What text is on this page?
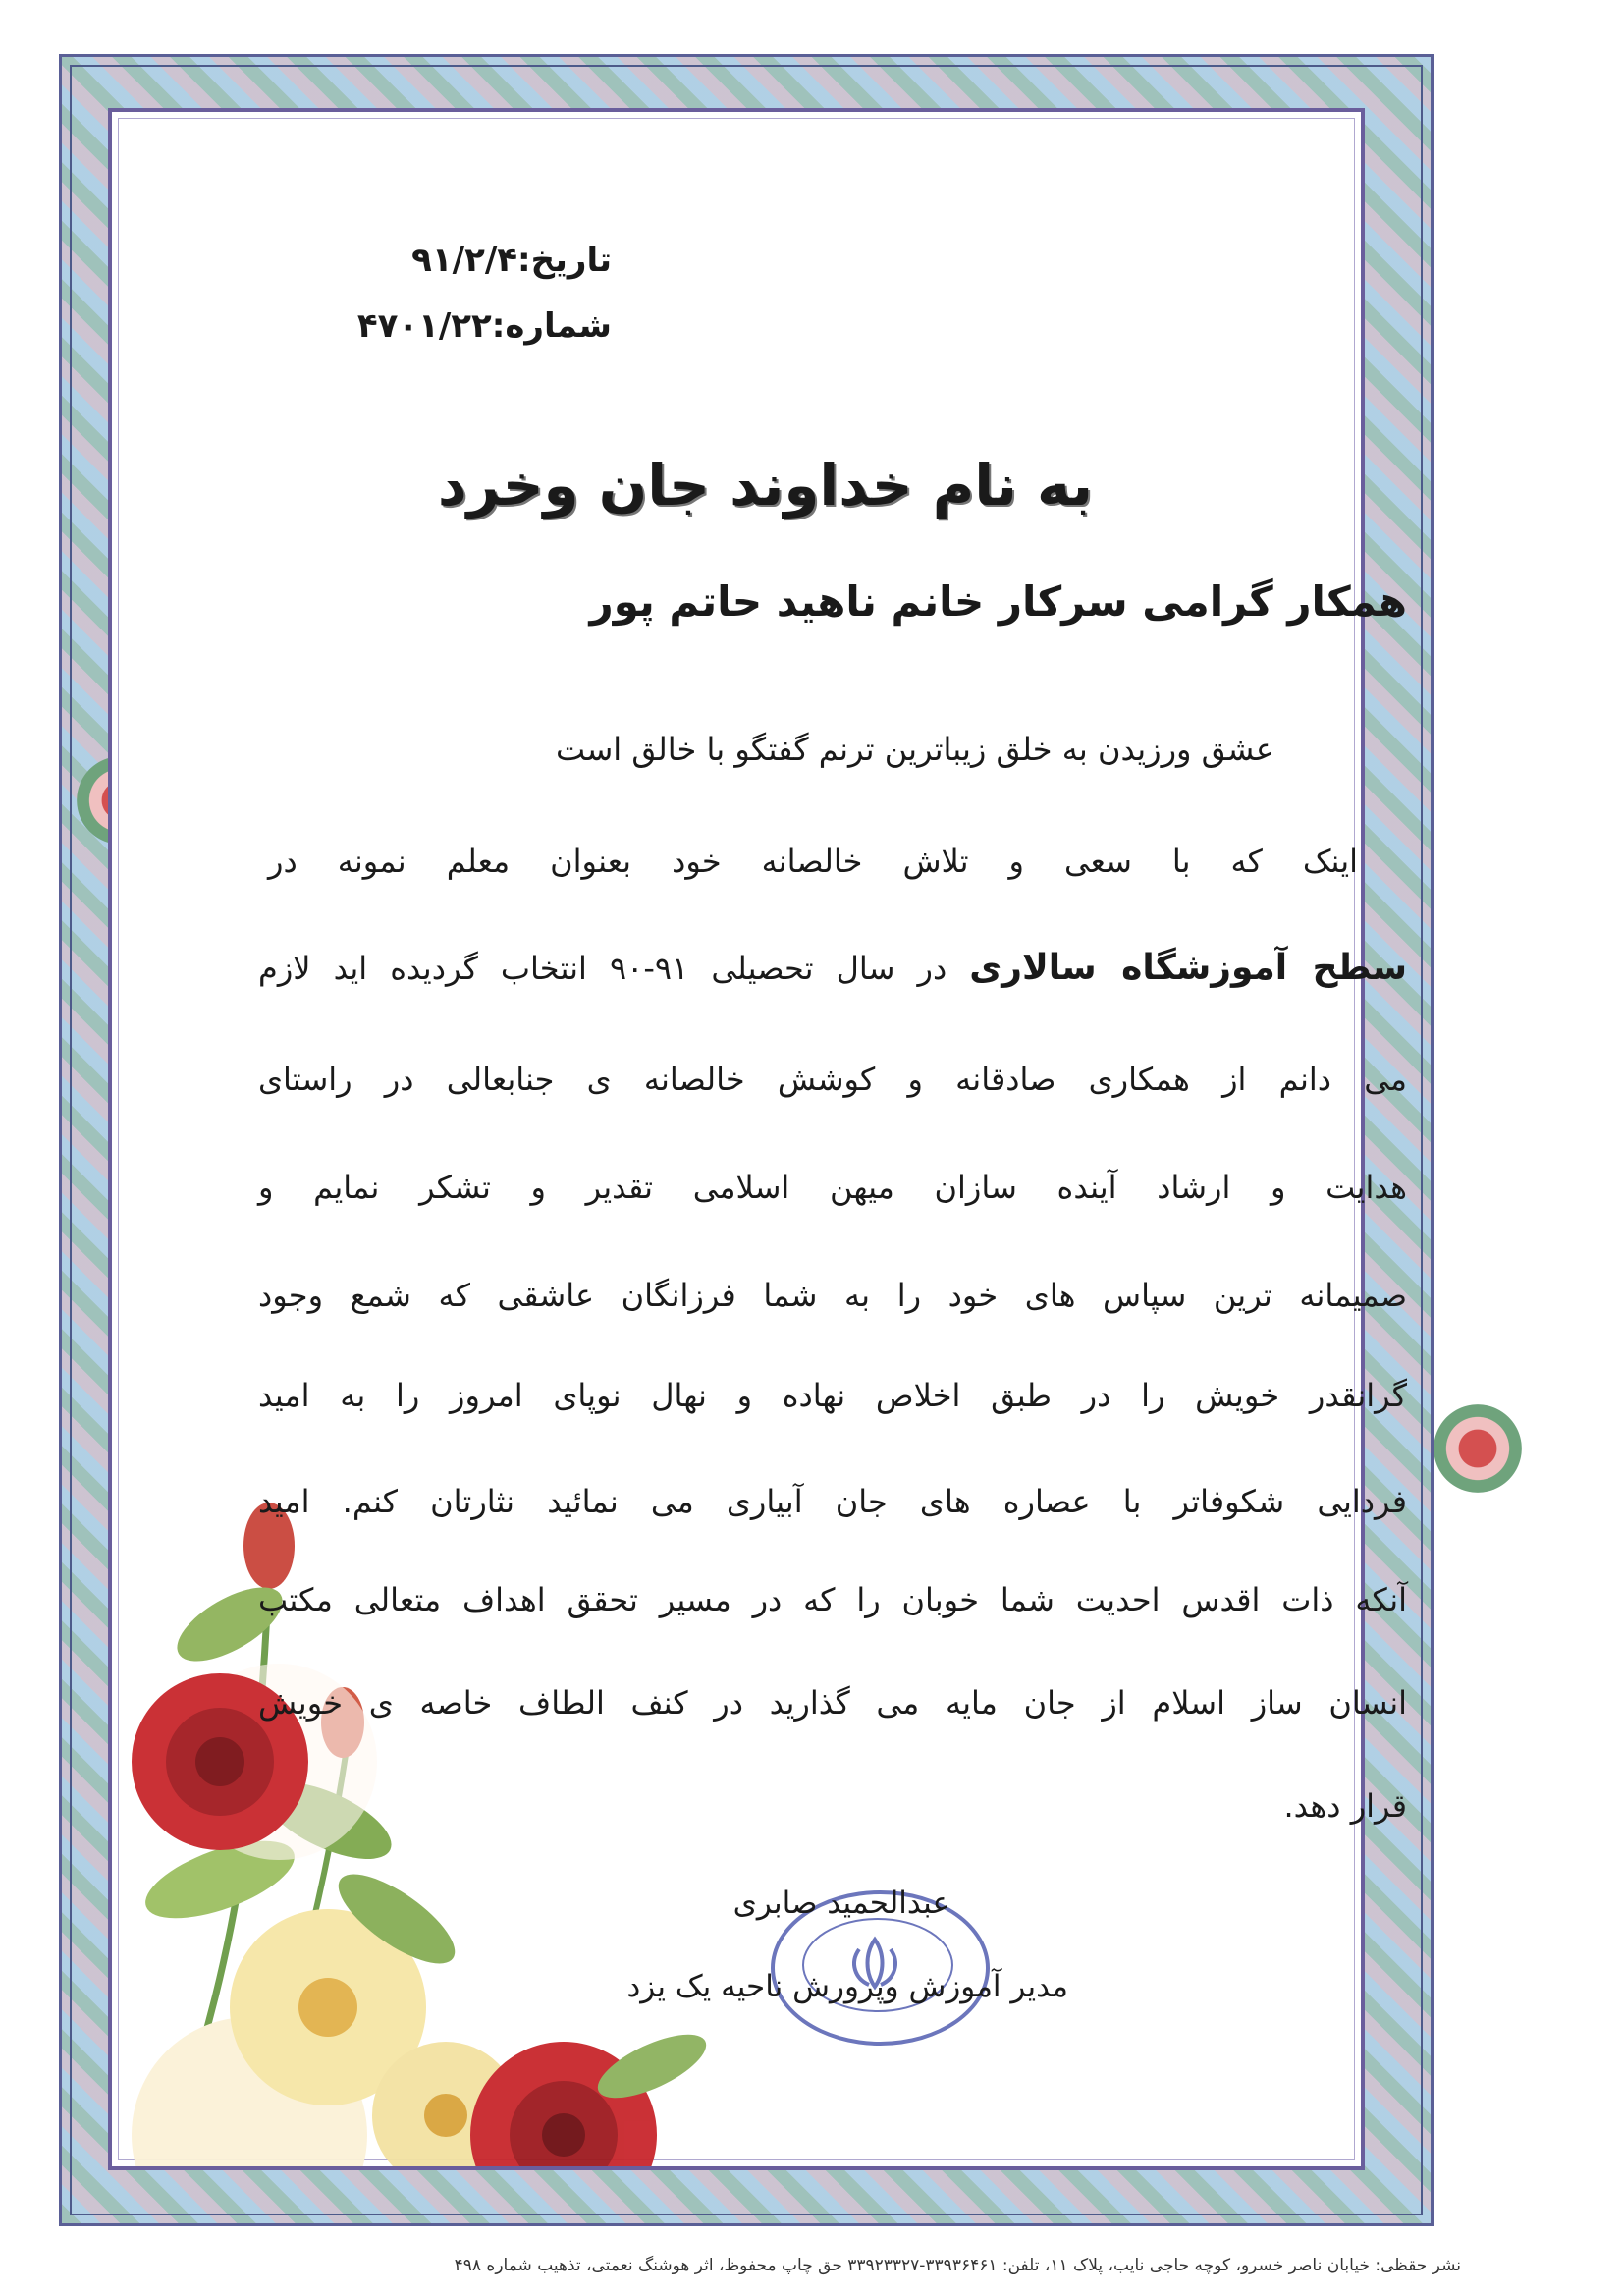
تاریخ:۹۱/۲/۴
شماره:۴۷۰۱/۲۲
به نام خداوند جان وخرد
همکار گرامی سرکار خانم ناهید حاتم پور
عشق ورزیدن به خلق زیباترین ترنم گفتگو با خالق است
اینک که با سعی و تلاش خالصانه خود بعنوان معلم نمونه در
سطح آموزشگاه سالاری در سال تحصیلی ۹۱-۹۰ انتخاب گردیده اید لازم
می دانم از همکاری صادقانه و کوشش خالصانه ی جنابعالی در راستای
هدایت و ارشاد آینده سازان میهن اسلامی تقدیر و تشکر نمایم و
صمیمانه ترین سپاس های خود را به شما فرزانگان عاشقی که شمع وجود
گرانقدر خویش را در طبق اخلاص نهاده و نهال نوپای امروز را به امید
فردایی شکوفاتر با عصاره های جان آبیاری می نمائید نثارتان کنم. امید
آنکه ذات اقدس احدیت شما خوبان را که در مسیر تحقق اهداف متعالی مکتب
انسان ساز اسلام از جان مایه می گذارید در کنف الطاف خاصه ی خویش
قرار دهد.
عبدالحمید صابری
مدیر آموزش وپرورش ناحیه یک یزد
نشر حقظی: خیابان ناصر خسرو، کوچه حاجی نایب، پلاک ۱۱، تلفن: ۳۳۹۳۶۴۶۱-۳۳۹۲۳۳۲۷ حق چاپ محفوظ، اثر هوشنگ نعمتی، تذهیب شماره ۴۹۸
